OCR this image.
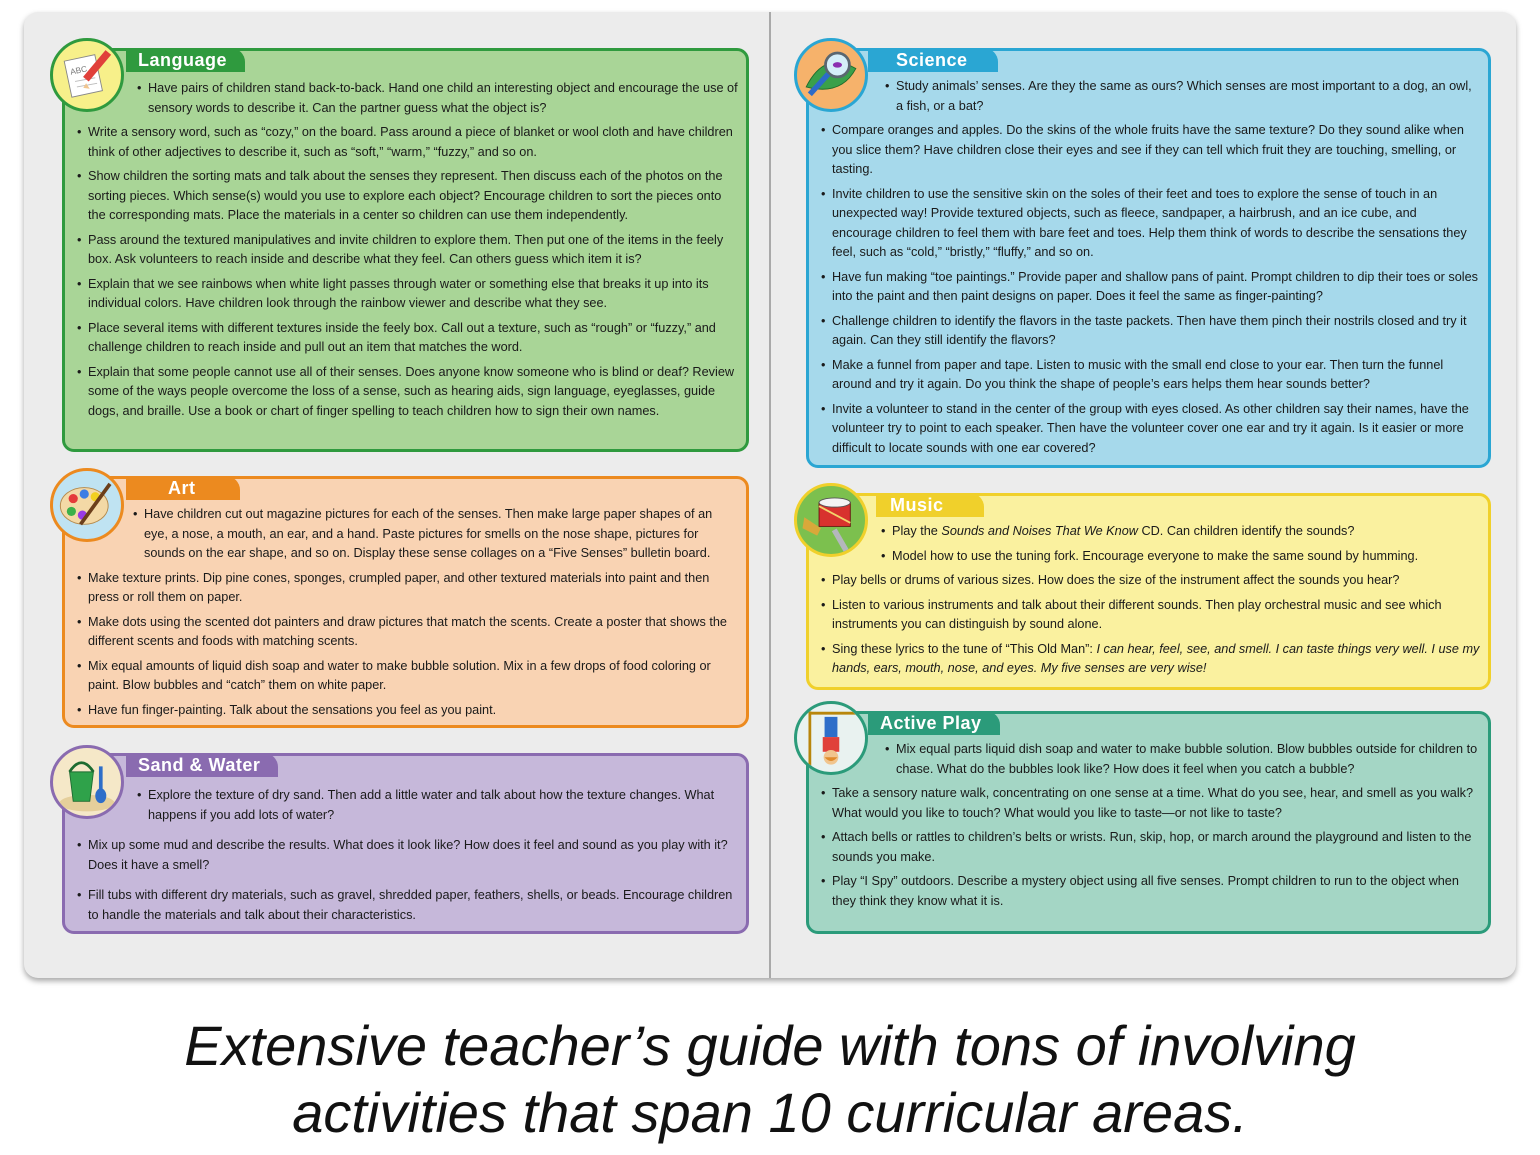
• Have pairs of children stand back-to-back. Hand one child an interesting object and encourage the use of sensory words to describe it. Can the partner guess what the object is?
• Write a sensory word, such as “cozy,” on the board. Pass around a piece of blanket or wool cloth and have children think of other adjectives to describe it, such as “soft,” “warm,” “fuzzy,” and so on.
• Show children the sorting mats and talk about the senses they represent. Then discuss each of the photos on the sorting pieces. Which sense(s) would you use to explore each object? Encourage children to sort the pieces onto the corresponding mats. Place the materials in a center so children can use them independently.
• Pass around the textured manipulatives and invite children to explore them. Then put one of the items in the feely box. Ask volunteers to reach inside and describe what they feel. Can others guess which item it is?
• Explain that we see rainbows when white light passes through water or something else that breaks it up into its individual colors. Have children look through the rainbow viewer and describe what they see.
• Place several items with different textures inside the feely box. Call out a texture, such as “rough” or “fuzzy,” and challenge children to reach inside and pull out an item that matches the word.
• Explain that some people cannot use all of their senses. Does anyone know someone who is blind or deaf? Review some of the ways people overcome the loss of a sense, such as hearing aids, sign language, eyeglasses, guide dogs, and braille. Use a book or chart of finger spelling to teach children how to sign their own names.
Language
ABC
• Have children cut out magazine pictures for each of the senses. Then make large paper shapes of an eye, a nose, a mouth, an ear, and a hand. Paste pictures for smells on the nose shape, pictures for sounds on the ear shape, and so on. Display these sense collages on a “Five Senses” bulletin board.
• Make texture prints. Dip pine cones, sponges, crumpled paper, and other textured materials into paint and then press or roll them on paper.
• Make dots using the scented dot painters and draw pictures that match the scents. Create a poster that shows the different scents and foods with matching scents.
• Mix equal amounts of liquid dish soap and water to make bubble solution. Mix in a few drops of food coloring or paint. Blow bubbles and “catch” them on white paper.
• Have fun finger-painting. Talk about the sensations you feel as you paint.
Art
• Explore the texture of dry sand. Then add a little water and talk about how the texture changes. What happens if you add lots of water?
• Mix up some mud and describe the results. What does it look like? How does it feel and sound as you play with it? Does it have a smell?
• Fill tubs with different dry materials, such as gravel, shredded paper, feathers, shells, or beads. Encourage children to handle the materials and talk about their characteristics.
Sand & Water
• Study animals’ senses. Are they the same as ours? Which senses are most important to a dog, an owl, a fish, or a bat?
• Compare oranges and apples. Do the skins of the whole fruits have the same texture? Do they sound alike when you slice them? Have children close their eyes and see if they can tell which fruit they are touching, smelling, or tasting.
• Invite children to use the sensitive skin on the soles of their feet and toes to explore the sense of touch in an unexpected way! Provide textured objects, such as fleece, sandpaper, a hairbrush, and an ice cube, and encourage children to feel them with bare feet and toes. Help them think of words to describe the sensations they feel, such as “cold,” “bristly,” “fluffy,” and so on.
• Have fun making “toe paintings.” Provide paper and shallow pans of paint. Prompt children to dip their toes or soles into the paint and then paint designs on paper. Does it feel the same as finger-painting?
• Challenge children to identify the flavors in the taste packets. Then have them pinch their nostrils closed and try it again. Can they still identify the flavors?
• Make a funnel from paper and tape. Listen to music with the small end close to your ear. Then turn the funnel around and try it again. Do you think the shape of people’s ears helps them hear sounds better?
• Invite a volunteer to stand in the center of the group with eyes closed. As other children say their names, have the volunteer try to point to each speaker. Then have the volunteer cover one ear and try it again. Is it easier or more difficult to locate sounds with one ear covered?
Science
• Play the Sounds and Noises That We Know CD. Can children identify the sounds?
• Model how to use the tuning fork. Encourage everyone to make the same sound by humming.
• Play bells or drums of various sizes. How does the size of the instrument affect the sounds you hear?
• Listen to various instruments and talk about their different sounds. Then play orchestral music and see which instruments you can distinguish by sound alone.
• Sing these lyrics to the tune of “This Old Man”: I can hear, feel, see, and smell. I can taste things very well. I use my hands, ears, mouth, nose, and eyes. My five senses are very wise!
Music
• Mix equal parts liquid dish soap and water to make bubble solution. Blow bubbles outside for children to chase. What do the bubbles look like? How does it feel when you catch a bubble?
• Take a sensory nature walk, concentrating on one sense at a time. What do you see, hear, and smell as you walk? What would you like to touch? What would you like to taste—or not like to taste?
• Attach bells or rattles to children’s belts or wrists. Run, skip, hop, or march around the playground and listen to the sounds you make.
• Play “I Spy” outdoors. Describe a mystery object using all five senses. Prompt children to run to the object when they think they know what it is.
Active Play
Extensive teacher’s guide with tons of involving
activities that span 10 curricular areas.
